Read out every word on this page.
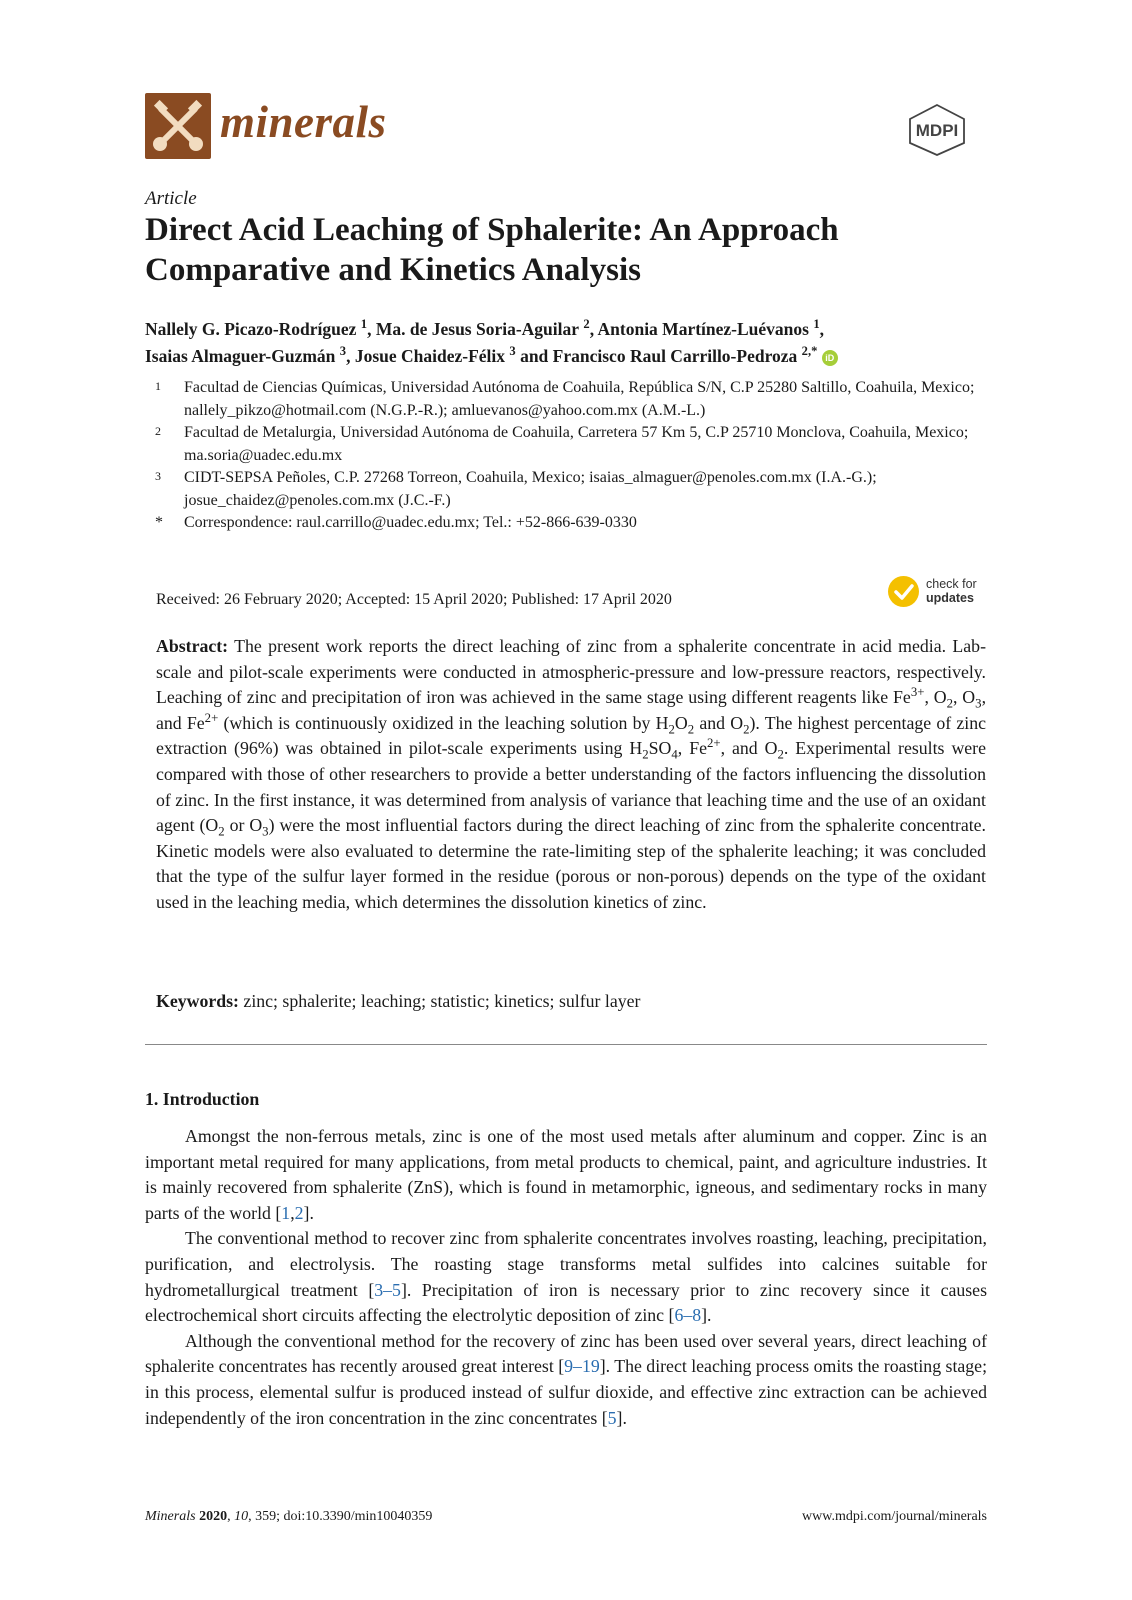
minerals	MDPI
Article
Direct Acid Leaching of Sphalerite: An Approach Comparative and Kinetics Analysis
Nallely G. Picazo-Rodríguez $^1$, Ma. de Jesus Soria-Aguilar $^2$, Antonia Martínez-Luévanos $^1$,
Isaias Almaguer-Guzmán $^3$, Josue Chaidez-Félix $^3$ and Francisco Raul Carrillo-Pedroza $^{2,*}$ iD
1	Facultad de Ciencias Químicas, Universidad Autónoma de Coahuila, República S/N, C.P 25280 Saltillo, Coahuila, Mexico; nallely_pikzo@hotmail.com (N.G.P.-R.); amluevanos@yahoo.com.mx (A.M.-L.)
2	Facultad de Metalurgia, Universidad Autónoma de Coahuila, Carretera 57 Km 5, C.P 25710 Monclova, Coahuila, Mexico; ma.soria@uadec.edu.mx
3	CIDT-SEPSA Peñoles, C.P. 27268 Torreon, Coahuila, Mexico; isaias_almaguer@penoles.com.mx (I.A.-G.); josue_chaidez@penoles.com.mx (J.C.-F.)
*	Correspondence: raul.carrillo@uadec.edu.mx; Tel.: +52-866-639-0330
Received: 26 February 2020; Accepted: 15 April 2020; Published: 17 April 2020
check for
updates

Abstract: The present work reports the direct leaching of zinc from a sphalerite concentrate in acid media. Lab-scale and pilot-scale experiments were conducted in atmospheric-pressure and low-pressure reactors, respectively. Leaching of zinc and precipitation of iron was achieved in the same stage using different reagents like $Fe^{3+}$, $O_2$, $O_3$, and $Fe^{2+}$ (which is continuously oxidized in the leaching solution by $H_2O_2$ and $O_2$). The highest percentage of zinc extraction (96%) was obtained in pilot-scale experiments using $H_2SO_4$, $Fe^{2+}$, and $O_2$. Experimental results were compared with those of other researchers to provide a better understanding of the factors influencing the dissolution of zinc. In the first instance, it was determined from analysis of variance that leaching time and the use of an oxidant agent ($O_2$ or $O_3$) were the most influential factors during the direct leaching of zinc from the sphalerite concentrate. Kinetic models were also evaluated to determine the rate-limiting step of the sphalerite leaching; it was concluded that the type of the sulfur layer formed in the residue (porous or non-porous) depends on the type of the oxidant used in the leaching media, which determines the dissolution kinetics of zinc.

Keywords: zinc; sphalerite; leaching; statistic; kinetics; sulfur layer
1. Introduction

Amongst the non-ferrous metals, zinc is one of the most used metals after aluminum and copper. Zinc is an important metal required for many applications, from metal products to chemical, paint, and agriculture industries. It is mainly recovered from sphalerite (ZnS), which is found in metamorphic, igneous, and sedimentary rocks in many parts of the world [1,2].

The conventional method to recover zinc from sphalerite concentrates involves roasting, leaching, precipitation, purification, and electrolysis. The roasting stage transforms metal sulfides into calcines suitable for hydrometallurgical treatment [3–5]. Precipitation of iron is necessary prior to zinc recovery since it causes electrochemical short circuits affecting the electrolytic deposition of zinc [6–8].

Although the conventional method for the recovery of zinc has been used over several years, direct leaching of sphalerite concentrates has recently aroused great interest [9–19]. The direct leaching process omits the roasting stage; in this process, elemental sulfur is produced instead of sulfur dioxide, and effective zinc extraction can be achieved independently of the iron concentration in the zinc concentrates [5].

Minerals 2020, 10, 359; doi:10.3390/min10040359	www.mdpi.com/journal/minerals
